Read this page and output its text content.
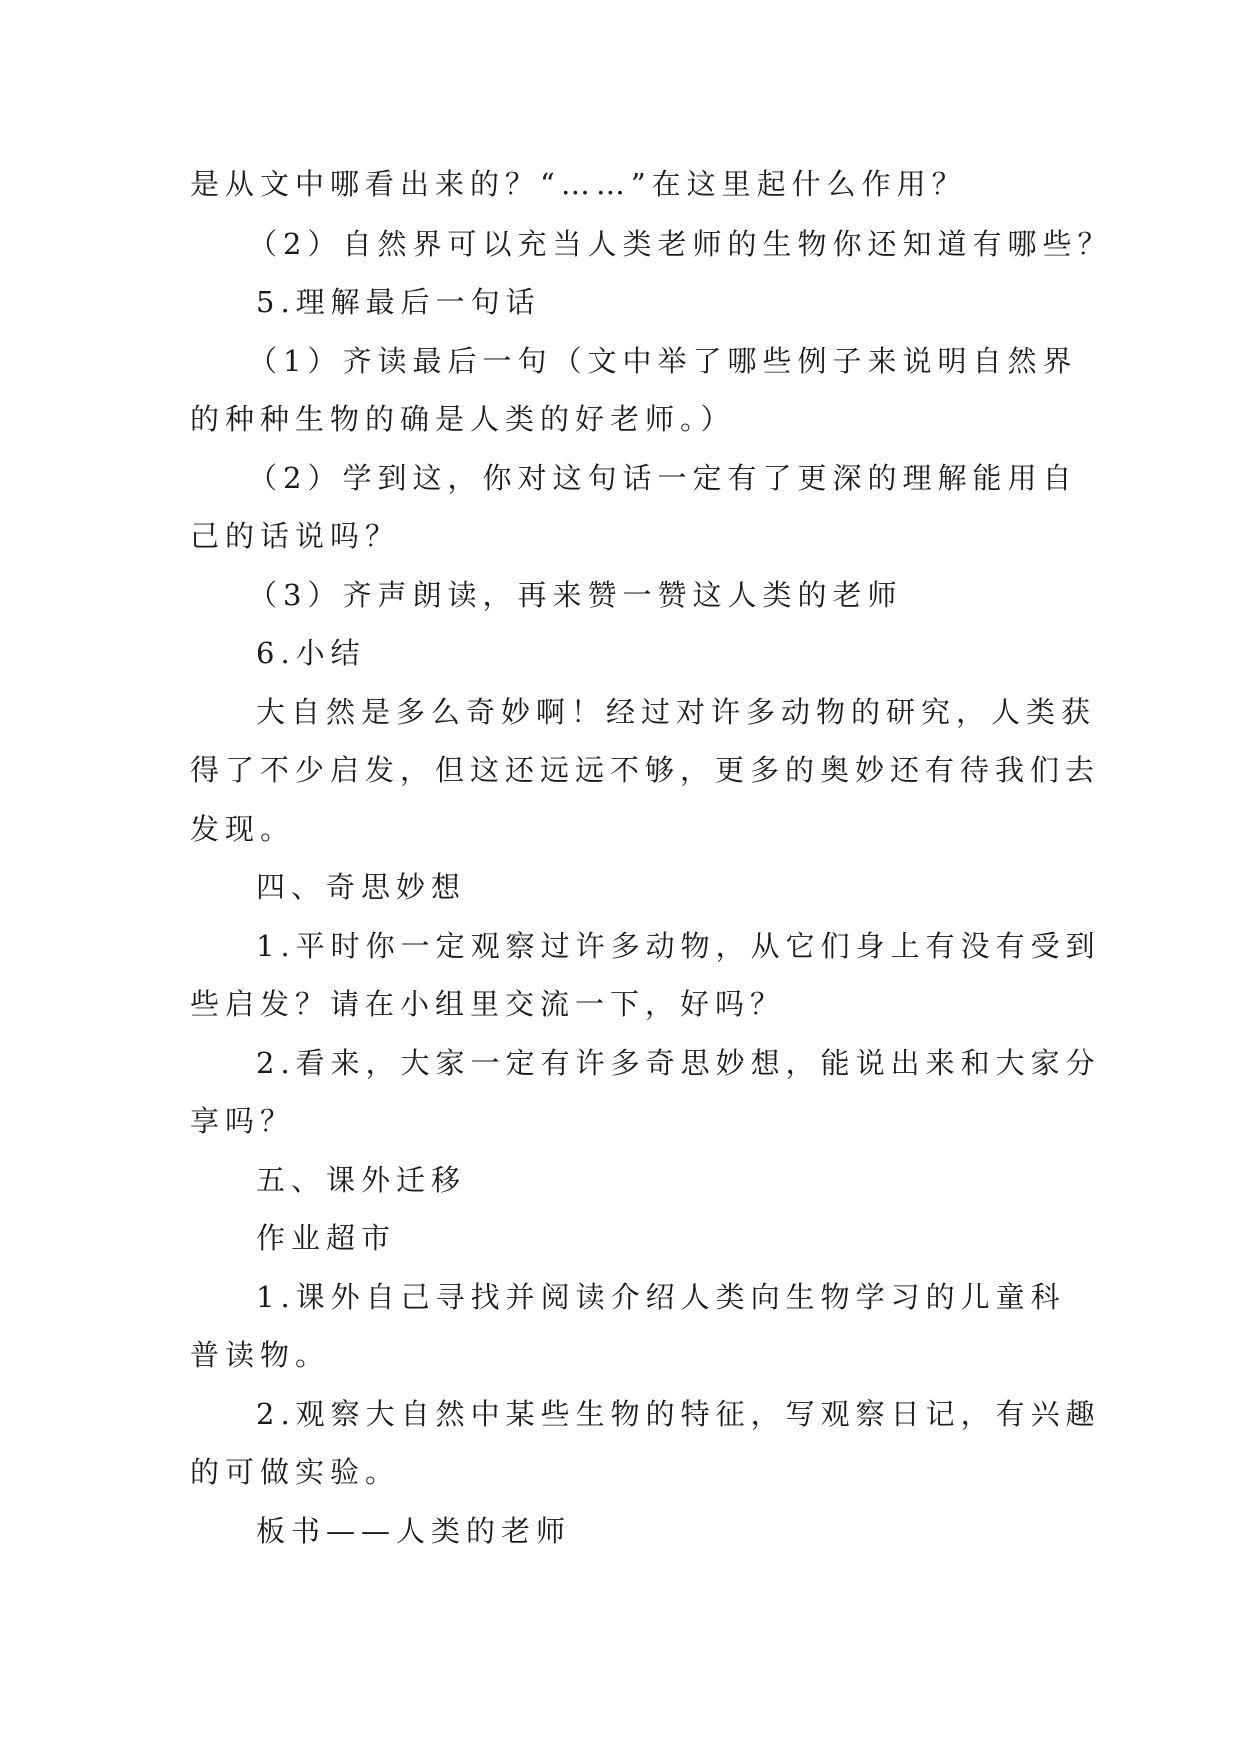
是从文中哪看出来的？“……”在这里起什么作用？
（2）自然界可以充当人类老师的生物你还知道有哪些？
5.理解最后一句话
（1）齐读最后一句（文中举了哪些例子来说明自然界
的种种生物的确是人类的好老师。）
（2）学到这，你对这句话一定有了更深的理解能用自
己的话说吗？
（3）齐声朗读，再来赞一赞这人类的老师
6.小结
大自然是多么奇妙啊！经过对许多动物的研究，人类获
得了不少启发，但这还远远不够，更多的奥妙还有待我们去
发现。
四、奇思妙想
1.平时你一定观察过许多动物，从它们身上有没有受到
些启发？请在小组里交流一下，好吗？
2.看来，大家一定有许多奇思妙想，能说出来和大家分
享吗？
五、课外迁移
作业超市
1.课外自己寻找并阅读介绍人类向生物学习的儿童科
普读物。
2.观察大自然中某些生物的特征，写观察日记，有兴趣
的可做实验。
板书——人类的老师
